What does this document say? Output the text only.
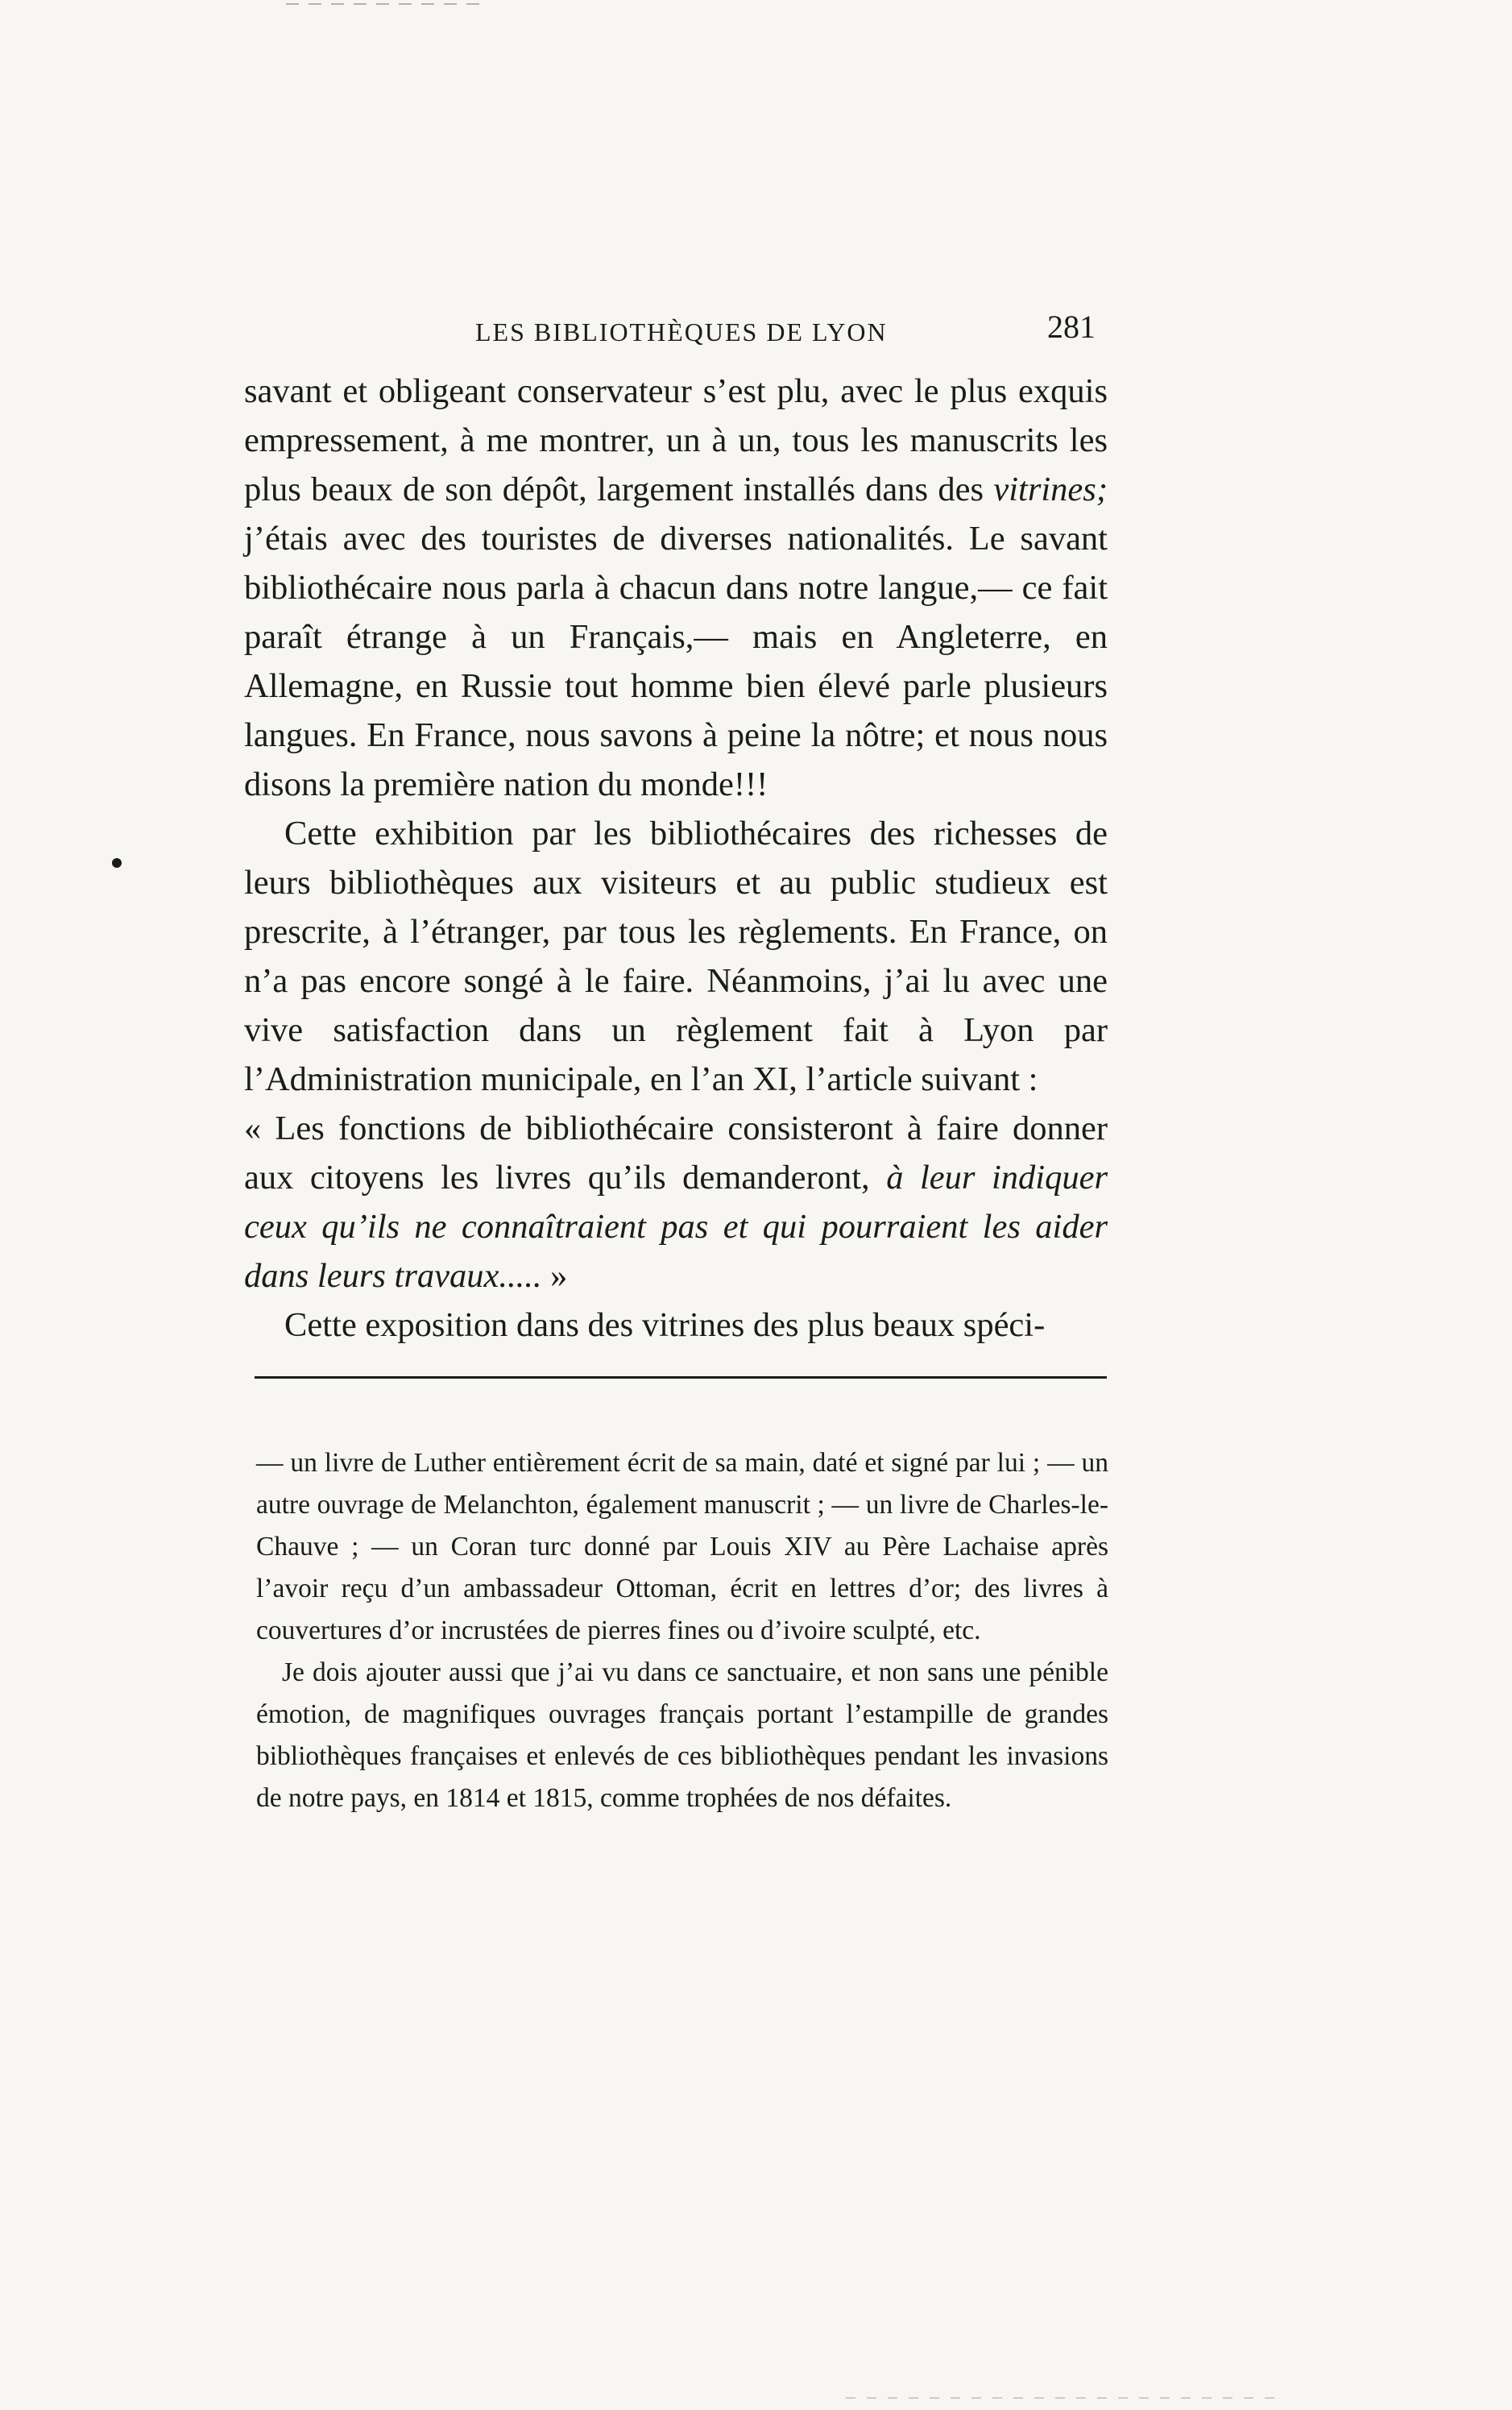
LES BIBLIOTHÈQUES DE LYON	281

savant et obligeant conservateur s’est plu, avec le plus exquis empressement, à me montrer, un à un, tous les manuscrits les plus beaux de son dépôt, largement installés dans des vitrines; j’étais avec des touristes de diverses nationalités. Le savant bibliothécaire nous parla à chacun dans notre langue,— ce fait paraît étrange à un Français,— mais en Angleterre, en Allemagne, en Russie tout homme bien élevé parle plusieurs langues. En France, nous savons à peine la nôtre; et nous nous disons la première nation du monde!!!

Cette exhibition par les bibliothécaires des richesses de leurs bibliothèques aux visiteurs et au public studieux est prescrite, à l’étranger, par tous les règlements. En France, on n’a pas encore songé à le faire. Néanmoins, j’ai lu avec une vive satisfaction dans un règlement fait à Lyon par l’Administration municipale, en l’an XI, l’article suivant :

« Les fonctions de bibliothécaire consisteront à faire donner aux citoyens les livres qu’ils demanderont, à leur indiquer ceux qu’ils ne connaîtraient pas et qui pourraient les aider dans leurs travaux..... »

Cette exposition dans des vitrines des plus beaux spéci-

— un livre de Luther entièrement écrit de sa main, daté et signé par lui ; — un autre ouvrage de Melanchton, également manuscrit ; — un livre de Charles-le-Chauve ; — un Coran turc donné par Louis XIV au Père Lachaise après l’avoir reçu d’un ambassadeur Ottoman, écrit en lettres d’or; des livres à couvertures d’or incrustées de pierres fines ou d’ivoire sculpté, etc.

Je dois ajouter aussi que j’ai vu dans ce sanctuaire, et non sans une pénible émotion, de magnifiques ouvrages français portant l’estampille de grandes bibliothèques françaises et enlevés de ces bibliothèques pendant les invasions de notre pays, en 1814 et 1815, comme trophées de nos défaites.
